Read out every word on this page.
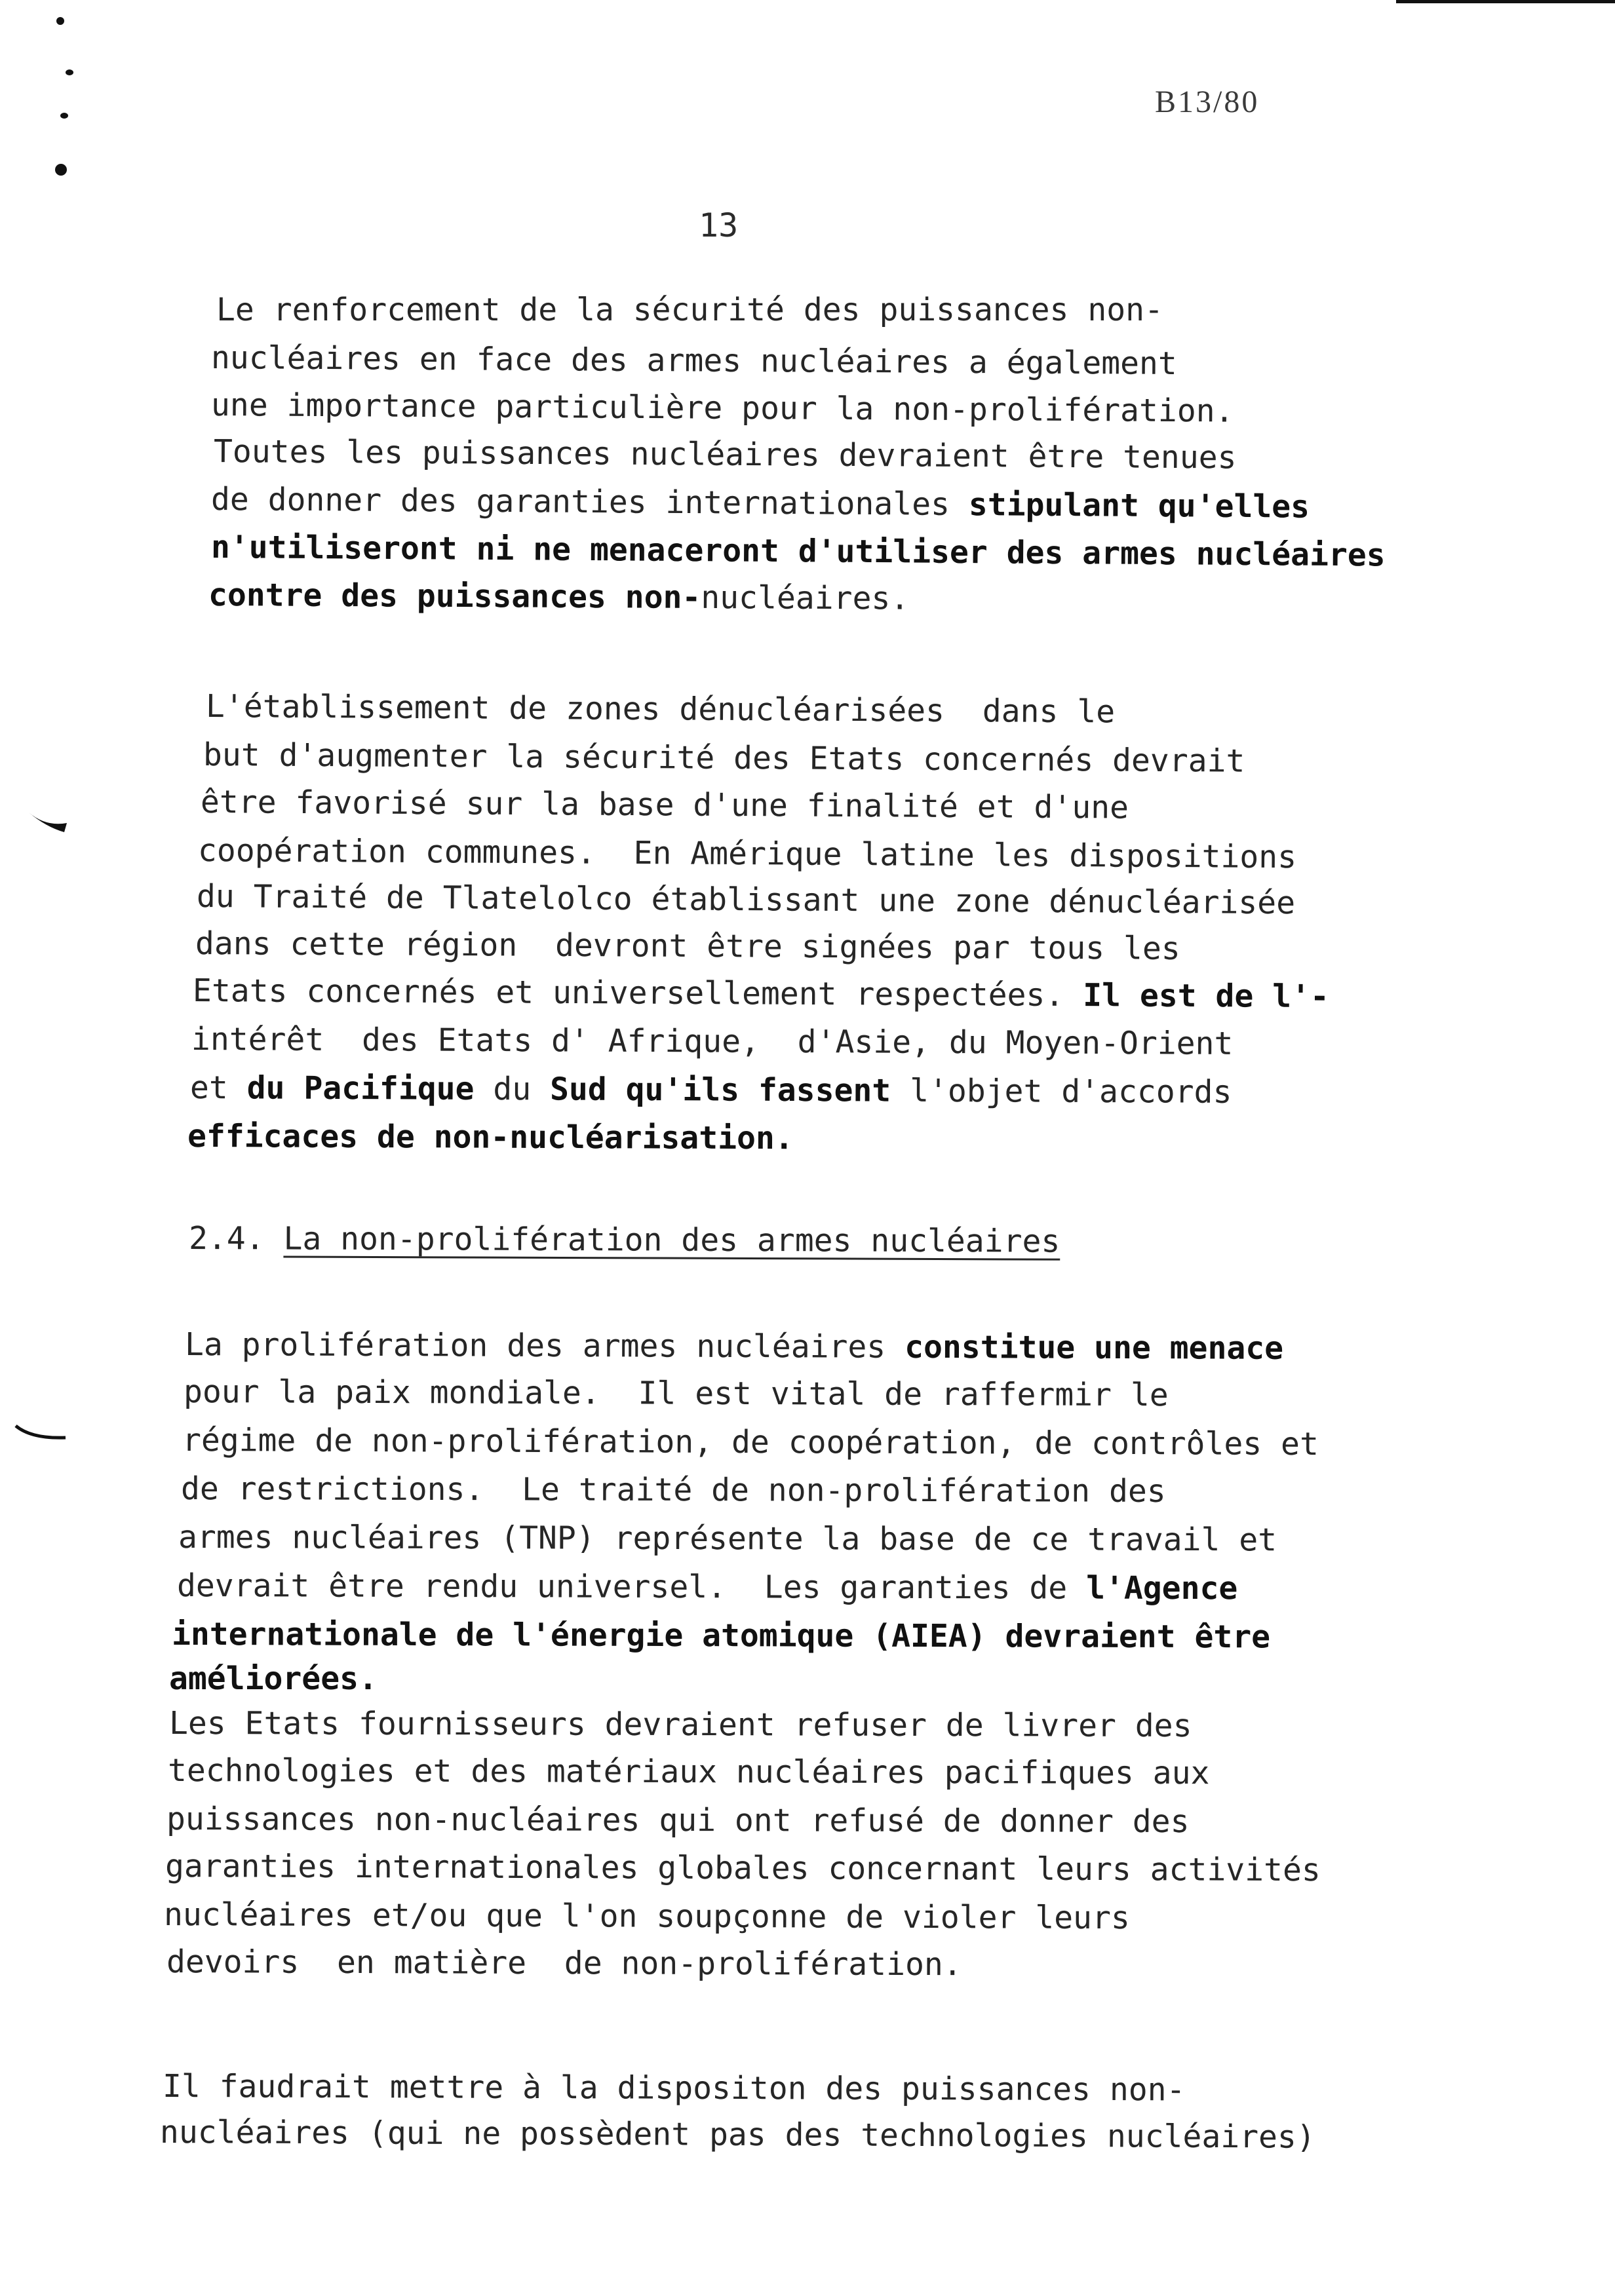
B13/80
13
Le renforcement de la sécurité des puissances non-
nucléaires en face des armes nucléaires a également
une importance particulière pour la non-prolifération.
Toutes les puissances nucléaires devraient être tenues
de donner des garanties internationales stipulant qu'elles
n'utiliseront ni ne menaceront d'utiliser des armes nucléaires
contre des puissances non-nucléaires.
L'établissement de zones dénucléarisées  dans le
but d'augmenter la sécurité des Etats concernés devrait
être favorisé sur la base d'une finalité et d'une
coopération communes.  En Amérique latine les dispositions
du Traité de Tlatelolco établissant une zone dénucléarisée
dans cette région  devront être signées par tous les
Etats concernés et universellement respectées. Il est de l'-
intérêt  des Etats d' Afrique,  d'Asie, du Moyen-Orient
et du Pacifique du Sud qu'ils fassent l'objet d'accords
efficaces de non-nucléarisation.
2.4. La non-prolifération des armes nucléaires
La prolifération des armes nucléaires constitue une menace
pour la paix mondiale.  Il est vital de raffermir le
régime de non-prolifération, de coopération, de contrôles et
de restrictions.  Le traité de non-prolifération des
armes nucléaires (TNP) représente la base de ce travail et
devrait être rendu universel.  Les garanties de l'Agence
internationale de l'énergie atomique (AIEA) devraient être
améliorées.
Les Etats fournisseurs devraient refuser de livrer des
technologies et des matériaux nucléaires pacifiques aux
puissances non-nucléaires qui ont refusé de donner des
garanties internationales globales concernant leurs activités
nucléaires et/ou que l'on soupçonne de violer leurs
devoirs  en matière  de non-prolifération.
Il faudrait mettre à la dispositon des puissances non-
nucléaires (qui ne possèdent pas des technologies nucléaires)
